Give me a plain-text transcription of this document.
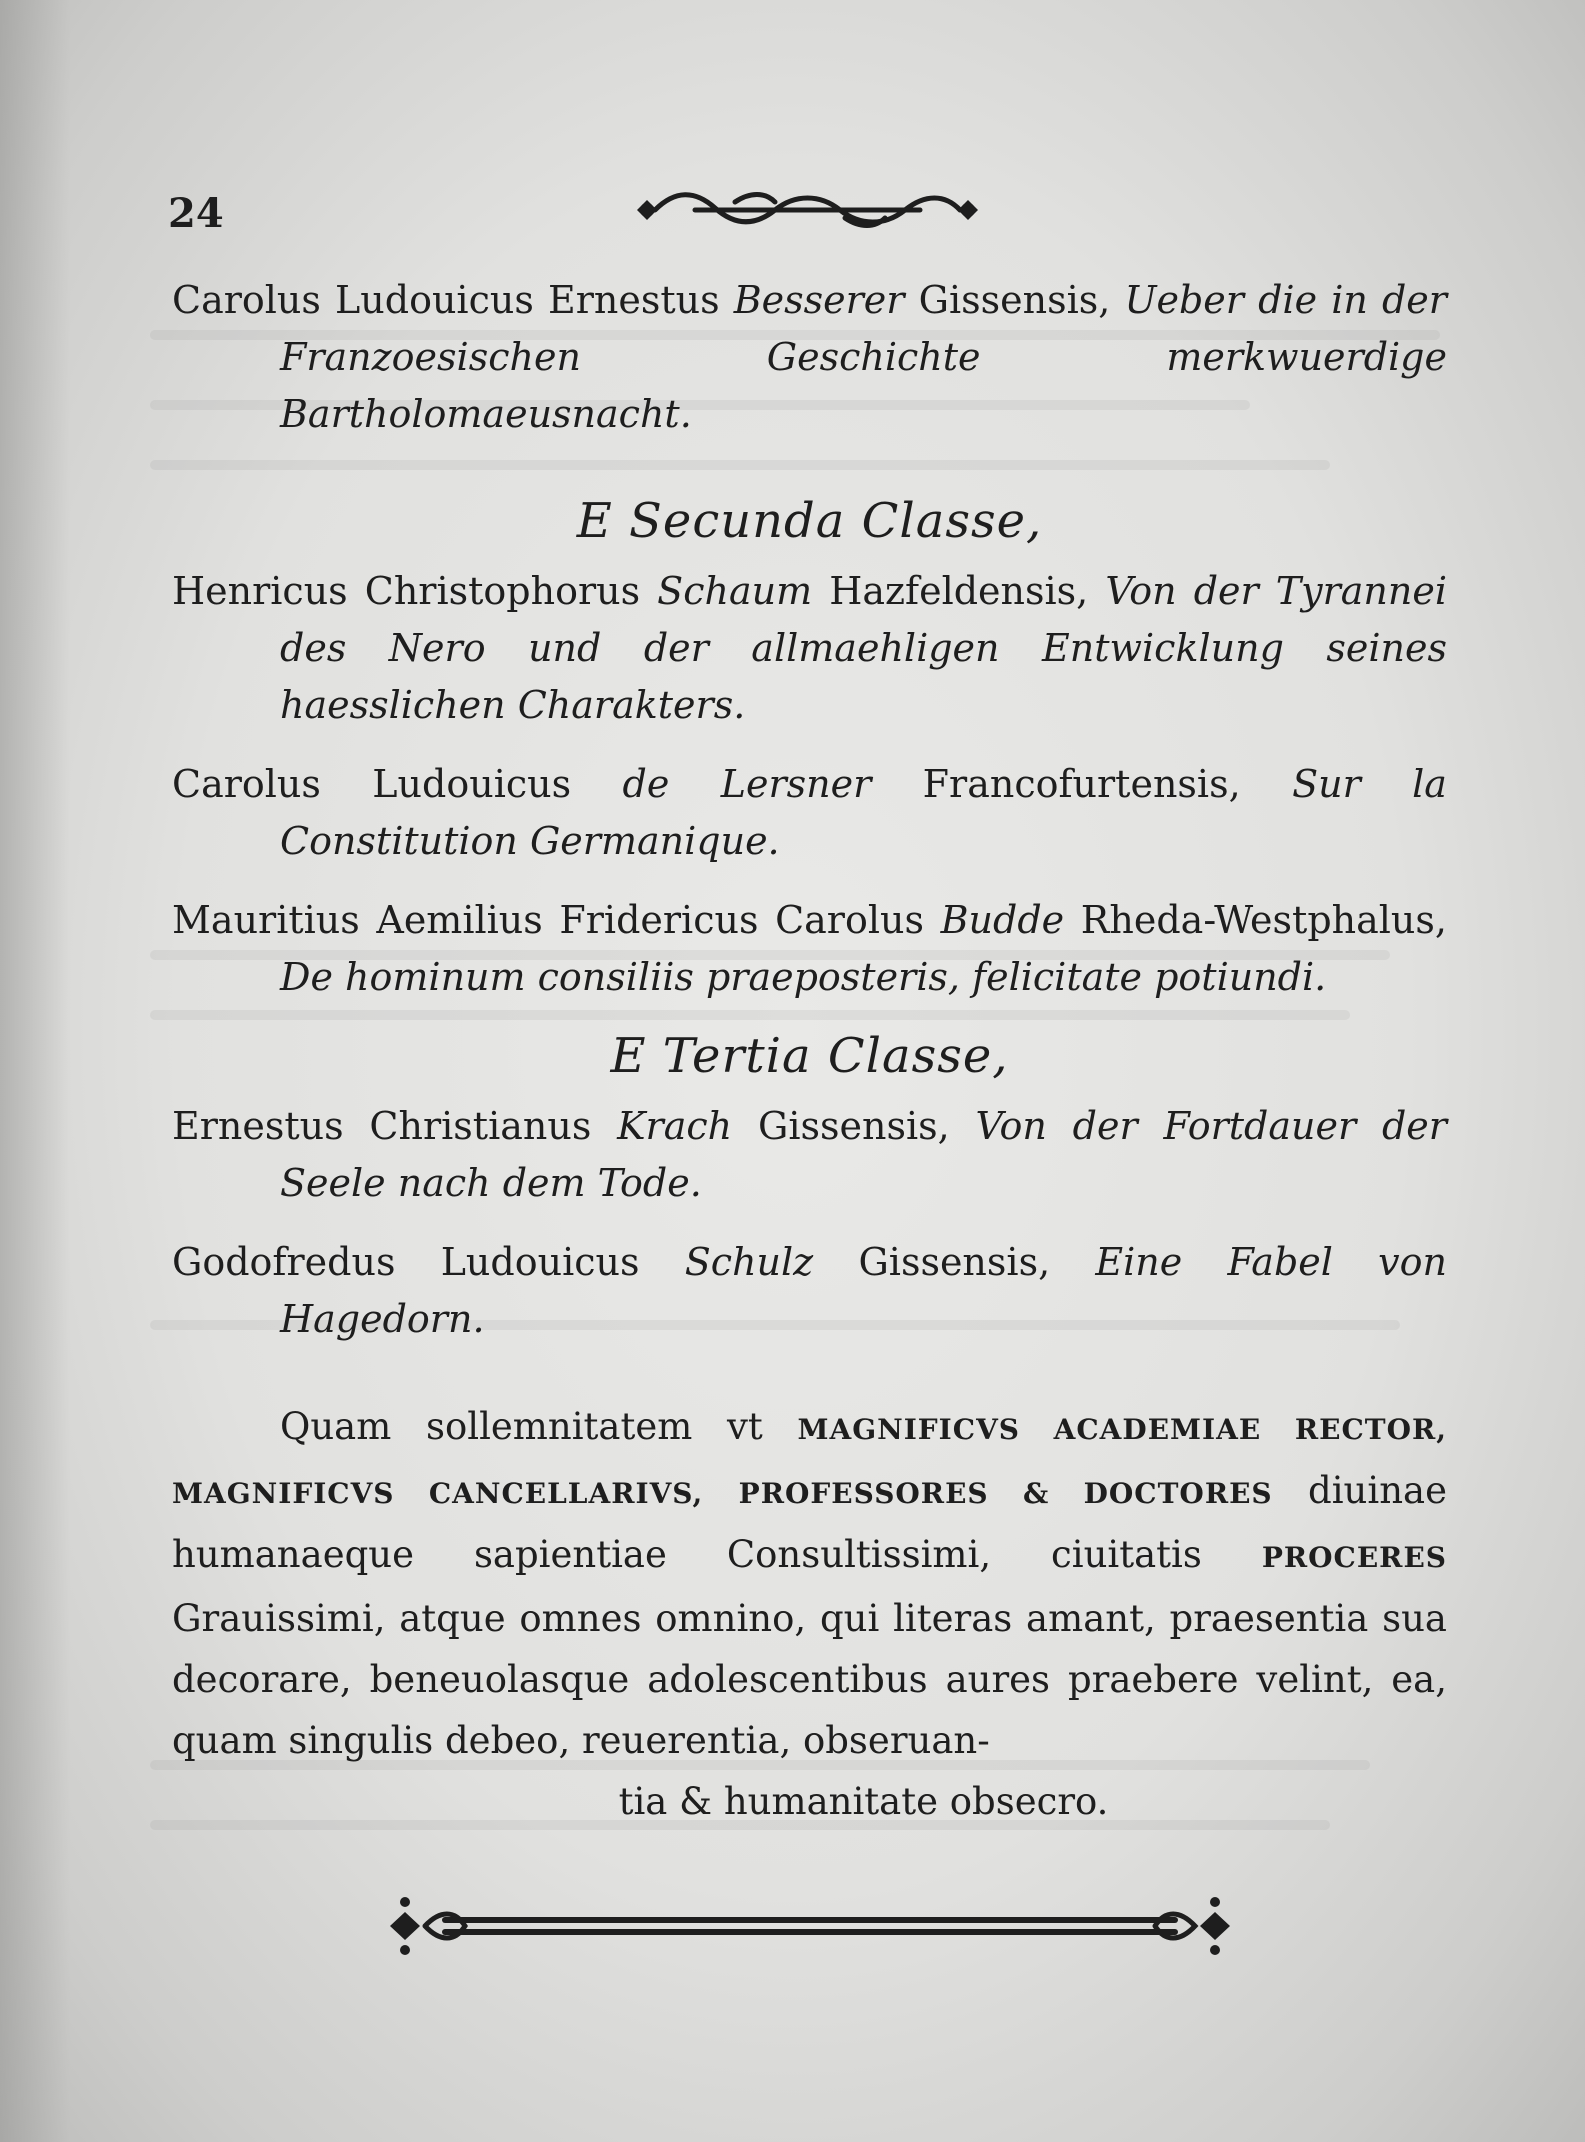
24

Carolus Ludouicus Ernestus Besserer Gissensis, Ueber die in der Franzoesischen Geschichte merkwuerdige Bartholomaeusnacht.

E Secunda Classe,

Henricus Christophorus Schaum Hazfeldensis, Von der Tyrannei des Nero und der allmaehligen Entwicklung seines haesslichen Charakters.

Carolus Ludouicus de Lersner Francofurtensis, Sur la Constitution Germanique.

Mauritius Aemilius Fridericus Carolus Budde Rheda-Westphalus, De hominum consiliis praeposteris, felicitate potiundi.

E Tertia Classe,

Ernestus Christianus Krach Gissensis, Von der Fortdauer der Seele nach dem Tode.

Godofredus Ludouicus Schulz Gissensis, Eine Fabel von Hagedorn.

Quam sollemnitatem vt MAGNIFICVS ACADEMIAE RECTOR, MAGNIFICVS CANCELLARIVS, PROFESSORES & DOCTORES diuinae humanaeque sapientiae Consultissimi, ciuitatis PROCERES Grauissimi, atque omnes omnino, qui literas amant, praesentia sua decorare, beneuolasque adolescentibus aures praebere velint, ea, quam singulis debeo, reuerentia, obseruan-
tia & humanitate obsecro.
